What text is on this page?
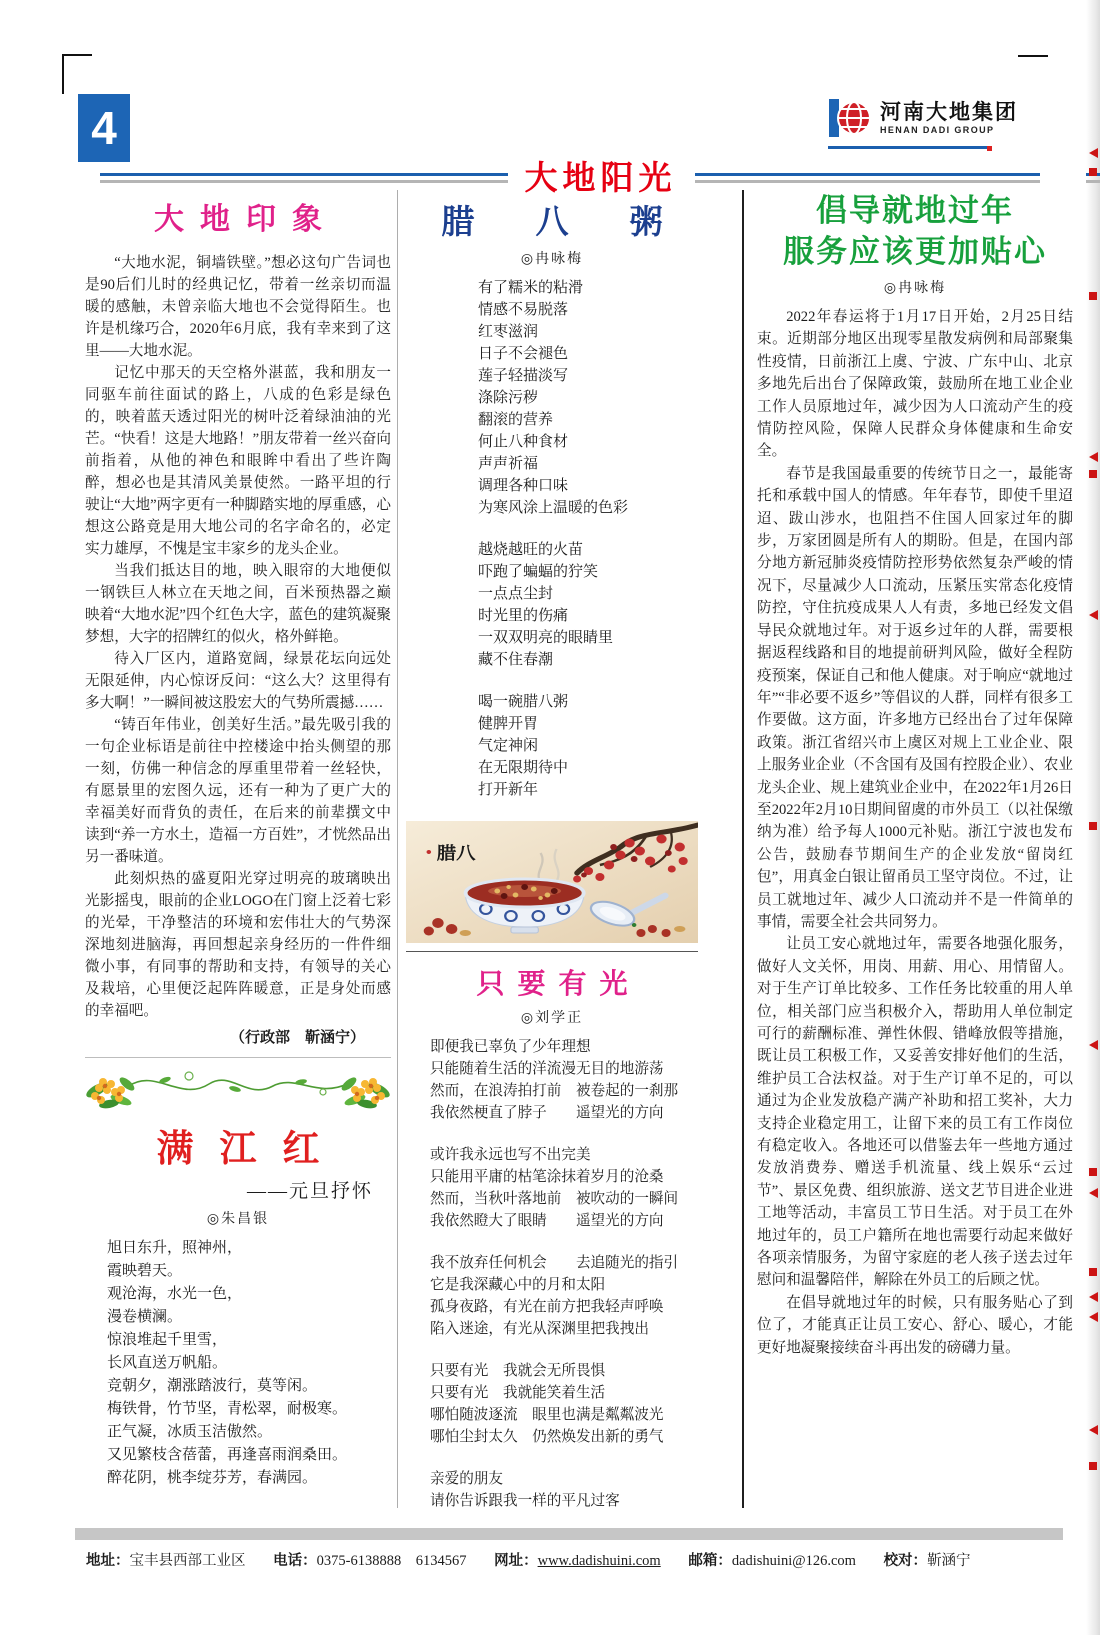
4
大地阳光
河南大地集团
HENAN DADI GROUP
大地印象
“大地水泥，铜墙铁壁。”想必这句广告词也是90后们儿时的经典记忆，带着一丝亲切而温暖的感触，未曾亲临大地也不会觉得陌生。也许是机缘巧合，2020年6月底，我有幸来到了这里——大地水泥。
记忆中那天的天空格外湛蓝，我和朋友一同驱车前往面试的路上，八成的色彩是绿色的，映着蓝天透过阳光的树叶泛着绿油油的光芒。“快看！这是大地路！”朋友带着一丝兴奋向前指着，从他的神色和眼眸中看出了些许陶醉，想必也是其清风美景使然。一路平坦的行驶让“大地”两字更有一种脚踏实地的厚重感，心想这公路竟是用大地公司的名字命名的，必定实力雄厚，不愧是宝丰家乡的龙头企业。
当我们抵达目的地，映入眼帘的大地便似一钢铁巨人林立在天地之间，百米预热器之巅映着“大地水泥”四个红色大字，蓝色的建筑凝聚梦想，大字的招牌红的似火，格外鲜艳。
待入厂区内，道路宽阔，绿景花坛向远处无限延伸，内心惊讶反问：“这么大？这里得有多大啊！”一瞬间被这股宏大的气势所震撼……
“铸百年伟业，创美好生活。”最先吸引我的一句企业标语是前往中控楼途中抬头侧望的那一刻，仿佛一种信念的厚重里带着一丝轻快，有愿景里的宏图久远，还有一种为了更广大的幸福美好而背负的责任，在后来的前辈撰文中读到“养一方水土，造福一方百姓”，才恍然品出另一番味道。
此刻炽热的盛夏阳光穿过明亮的玻璃映出光影摇曳，眼前的企业LOGO在门窗上泛着七彩的光晕，干净整洁的环境和宏伟壮大的气势深深地刻进脑海，再回想起亲身经历的一件件细微小事，有同事的帮助和支持，有领导的关心及栽培，心里便泛起阵阵暖意，正是身处而感的幸福吧。
（行政部　靳涵宁）
满江红
——元旦抒怀
◎朱昌银
旭日东升，照神州，
霞映碧天。
观沧海，水光一色，
漫卷横澜。
惊浪堆起千里雪，
长风直送万帆船。
竞朝夕，潮涨踏波行，莫等闲。
梅铁骨，竹节坚，青松翠，耐极寒。
正气凝，冰质玉洁傲然。
又见繁枝含蓓蕾，再逢喜雨润桑田。
醉花阴，桃李绽芬芳，春满园。
腊 八 粥
◎冉咏梅
有了糯米的粘滑
情感不易脱落
红枣滋润
日子不会褪色
莲子轻描淡写
涤除污秽
翻滚的营养
何止八种食材
声声祈福
调理各种口味
为寒风涂上温暖的色彩
越烧越旺的火苗
吓跑了蝙蝠的狞笑
一点点尘封
时光里的伤痛
一双双明亮的眼睛里
藏不住春潮
喝一碗腊八粥
健脾开胃
气定神闲
在无限期待中
打开新年
腊八
只要有光
◎刘学正
即便我已辜负了少年理想
只能随着生活的洋流漫无目的地游荡
然而，在浪涛拍打前　被卷起的一刹那
我依然梗直了脖子　　遥望光的方向
或许我永远也写不出完美
只能用平庸的枯笔涂抹着岁月的沧桑
然而，当秋叶落地前　被吹动的一瞬间
我依然瞪大了眼睛　　遥望光的方向
我不放弃任何机会　　去追随光的指引
它是我深藏心中的月和太阳
孤身夜路，有光在前方把我轻声呼唤
陷入迷途，有光从深渊里把我拽出
只要有光　我就会无所畏惧
只要有光　我就能笑着生活
哪怕随波逐流　眼里也满是粼粼波光
哪怕尘封太久　仍然焕发出新的勇气
亲爱的朋友
请你告诉跟我一样的平凡过客
倡导就地过年
服务应该更加贴心
◎冉咏梅
2022年春运将于1月17日开始，2月25日结束。近期部分地区出现零星散发病例和局部聚集性疫情，日前浙江上虞、宁波、广东中山、北京多地先后出台了保障政策，鼓励所在地工业企业工作人员原地过年，减少因为人口流动产生的疫情防控风险，保障人民群众身体健康和生命安全。
春节是我国最重要的传统节日之一，最能寄托和承载中国人的情感。年年春节，即使千里迢迢、跋山涉水，也阻挡不住国人回家过年的脚步，万家团圆是所有人的期盼。但是，在国内部分地方新冠肺炎疫情防控形势依然复杂严峻的情况下，尽量减少人口流动，压紧压实常态化疫情防控，守住抗疫成果人人有责，多地已经发文倡导民众就地过年。对于返乡过年的人群，需要根据返程线路和目的地提前研判风险，做好全程防疫预案，保证自己和他人健康。对于响应“就地过年”“非必要不返乡”等倡议的人群，同样有很多工作要做。这方面，许多地方已经出台了过年保障政策。浙江省绍兴市上虞区对规上工业企业、限上服务业企业（不含国有及国有控股企业）、农业龙头企业、规上建筑业企业中，在2022年1月26日至2022年2月10日期间留虞的市外员工（以社保缴纳为准）给予每人1000元补贴。浙江宁波也发布公告，鼓励春节期间生产的企业发放“留岗红包”，用真金白银让留甬员工坚守岗位。不过，让员工就地过年、减少人口流动并不是一件简单的事情，需要全社会共同努力。
让员工安心就地过年，需要各地强化服务，做好人文关怀，用岗、用薪、用心、用情留人。对于生产订单比较多、工作任务比较重的用人单位，相关部门应当积极介入，帮助用人单位制定可行的薪酬标准、弹性休假、错峰放假等措施，既让员工积极工作，又妥善安排好他们的生活，维护员工合法权益。对于生产订单不足的，可以通过为企业发放稳产满产补助和招工奖补，大力支持企业稳定用工，让留下来的员工有工作岗位有稳定收入。各地还可以借鉴去年一些地方通过发放消费券、赠送手机流量、线上娱乐“云过节”、景区免费、组织旅游、送文艺节目进企业进工地等活动，丰富员工节日生活。对于员工在外地过年的，员工户籍所在地也需要行动起来做好各项亲情服务，为留守家庭的老人孩子送去过年慰问和温馨陪伴，解除在外员工的后顾之忧。
在倡导就地过年的时候，只有服务贴心了到位了，才能真正让员工安心、舒心、暖心，才能更好地凝聚接续奋斗再出发的磅礴力量。
地址：宝丰县西部工业区 电话：0375-6138888　6134567 网址：www.dadishuini.com 邮箱：dadishuini@126.com 校对：靳涵宁
